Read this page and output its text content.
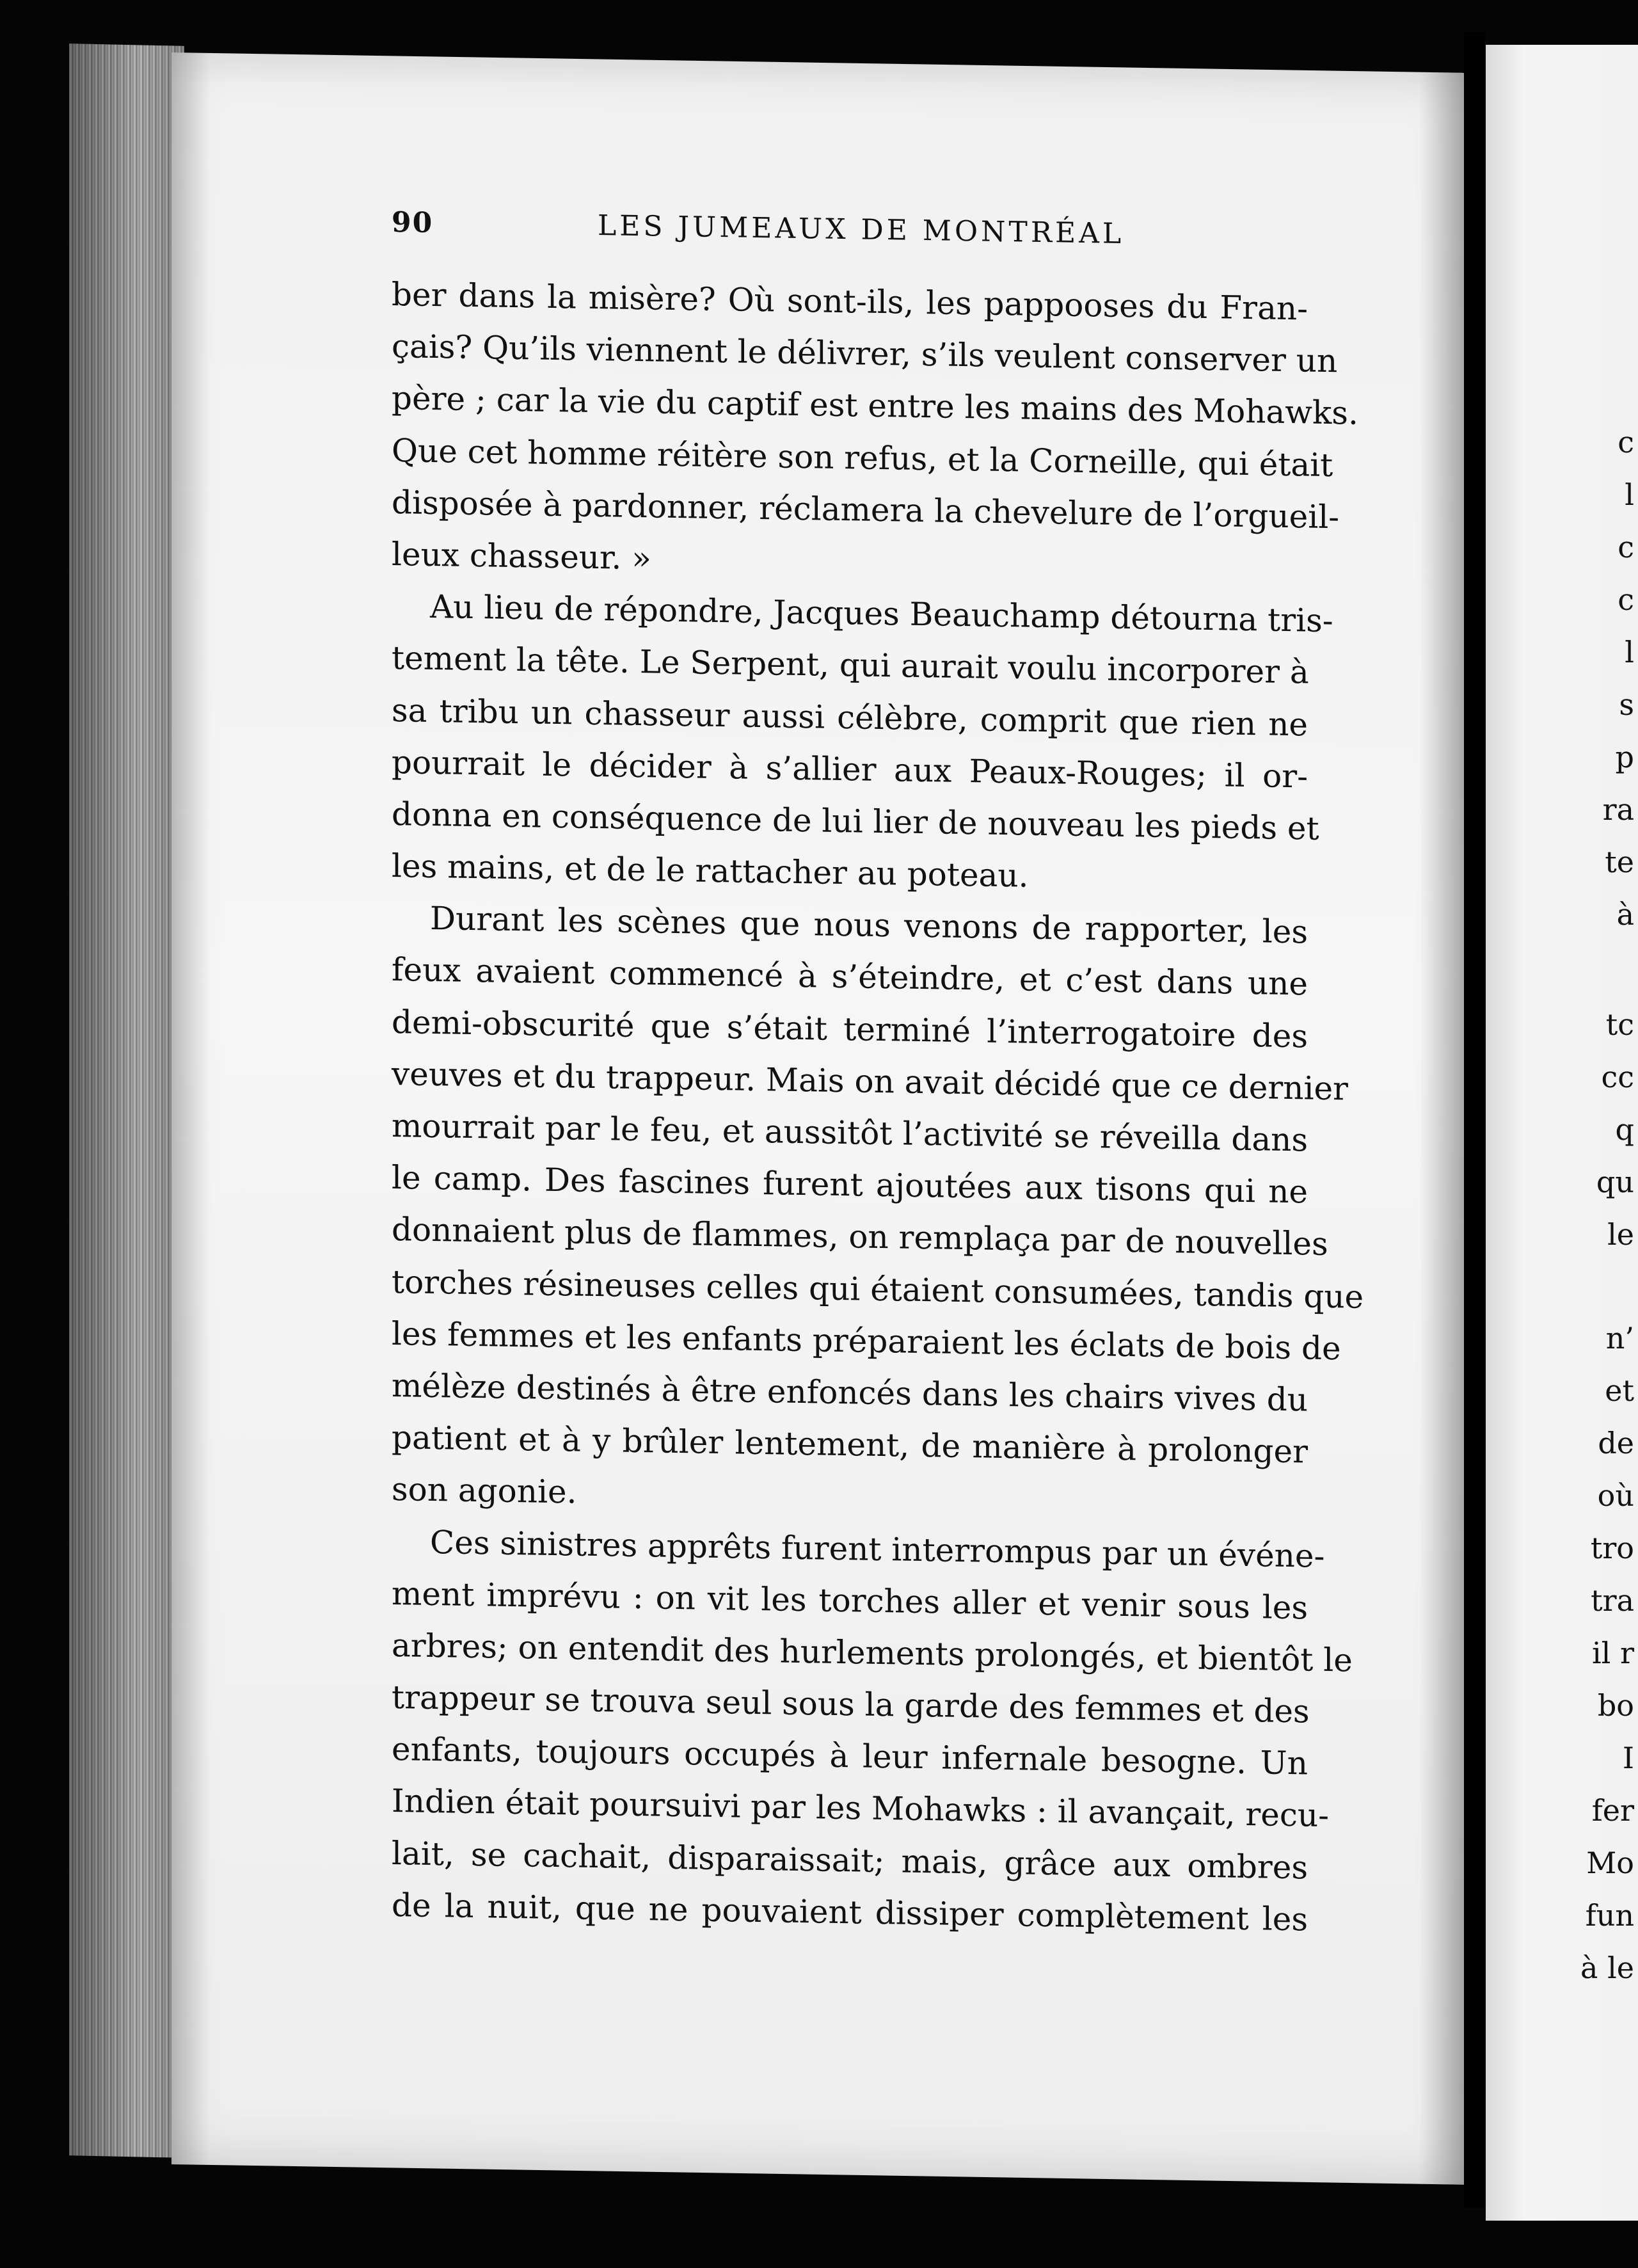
90	LES JUMEAUX DE MONTRÉAL
ber dans la misère? Où sont-ils, les pappooses du Fran-
çais? Qu’ils viennent le délivrer, s’ils veulent conserver un
père ; car la vie du captif est entre les mains des Mohawks.
Que cet homme réitère son refus, et la Corneille, qui était
disposée à pardonner, réclamera la chevelure de l’orgueil-
leux chasseur. »
Au lieu de répondre, Jacques Beauchamp détourna tris-
tement la tête. Le Serpent, qui aurait voulu incorporer à
sa tribu un chasseur aussi célèbre, comprit que rien ne
pourrait le décider à s’allier aux Peaux-Rouges; il or-
donna en conséquence de lui lier de nouveau les pieds et
les mains, et de le rattacher au poteau.
Durant les scènes que nous venons de rapporter, les
feux avaient commencé à s’éteindre, et c’est dans une
demi-obscurité que s’était terminé l’interrogatoire des
veuves et du trappeur. Mais on avait décidé que ce dernier
mourrait par le feu, et aussitôt l’activité se réveilla dans
le camp. Des fascines furent ajoutées aux tisons qui ne
donnaient plus de flammes, on remplaça par de nouvelles
torches résineuses celles qui étaient consumées, tandis que
les femmes et les enfants préparaient les éclats de bois de
mélèze destinés à être enfoncés dans les chairs vives du
patient et à y brûler lentement, de manière à prolonger
son agonie.
Ces sinistres apprêts furent interrompus par un événe-
ment imprévu : on vit les torches aller et venir sous les
arbres; on entendit des hurlements prolongés, et bientôt le
trappeur se trouva seul sous la garde des femmes et des
enfants, toujours occupés à leur infernale besogne. Un
Indien était poursuivi par les Mohawks : il avançait, recu-
lait, se cachait, disparaissait; mais, grâce aux ombres
de la nuit, que ne pouvaient dissiper complètement les
c
l
c
c
l
s
p
ra
te
à
tc
cc
q
qu
le
n’
et
de
où
tro
tra
il r
bo
I
fer
Mo
fun
à le
